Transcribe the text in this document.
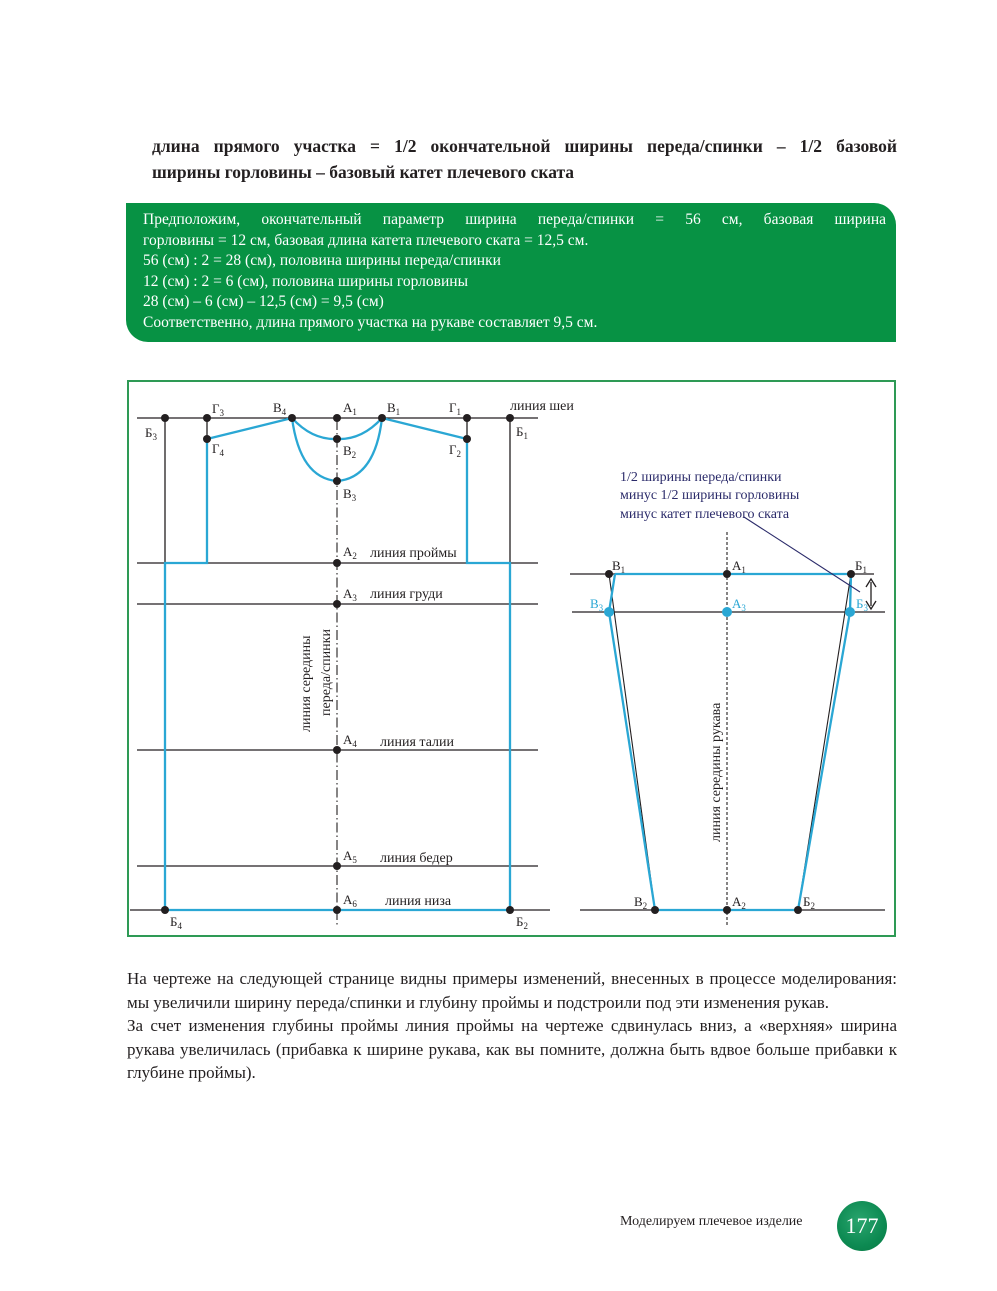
длина прямого участка = 1/2 окончательной ширины переда/спинки – 1/2 базовой
ширины горловины – базовый катет плечевого ската
Предположим, окончательный параметр ширина переда/спинки = 56 см, базовая ширина
горловины = 12 см, базовая длина катета плечевого ската = 12,5 см.
56 (см) : 2 = 28 (см), половина ширины переда/спинки
12 (см) : 2 = 6 (см), половина ширины горловины
28 (см) – 6 (см) – 12,5 (см) = 9,5 (см)
Соответственно, длина прямого участка на рукаве составляет 9,5 см.
$Б_3$
$Г_3$
$Г_4$
$В_4$	$А_1$
$В_2$
$В_3$
$В_1$	$Г_1$
$Г_2$
$Б_1$
$А_2$
$А_3$
$А_4$
$А_5$
$А_6$
$Б_4$	$Б_2$
линия шеи
линия проймы
линия груди
линия талии
линия бедер
линия низа
линия середины переда/спинки
1/2 ширины переда/спинки
минус 1/2 ширины горловины
минус катет плечевого ската
$В_1$	$А_1$	$Б_1$
$В_3$	$А_3$	$Б_3$
$В_2$	$А_2$	$Б_2$
линия середины рукава

На чертеже на следующей странице видны примеры изменений, внесенных в процессе моделирования: мы увеличили ширину переда/спинки и глубину проймы и подстроили под эти изменения рукав.

За счет изменения глубины проймы линия проймы на чертеже сдвинулась вниз, а «верхняя» ширина рукава увеличилась (прибавка к ширине рукава, как вы помните, должна быть вдвое больше прибавки к глубине проймы).

Моделируем плечевое изделие	177
